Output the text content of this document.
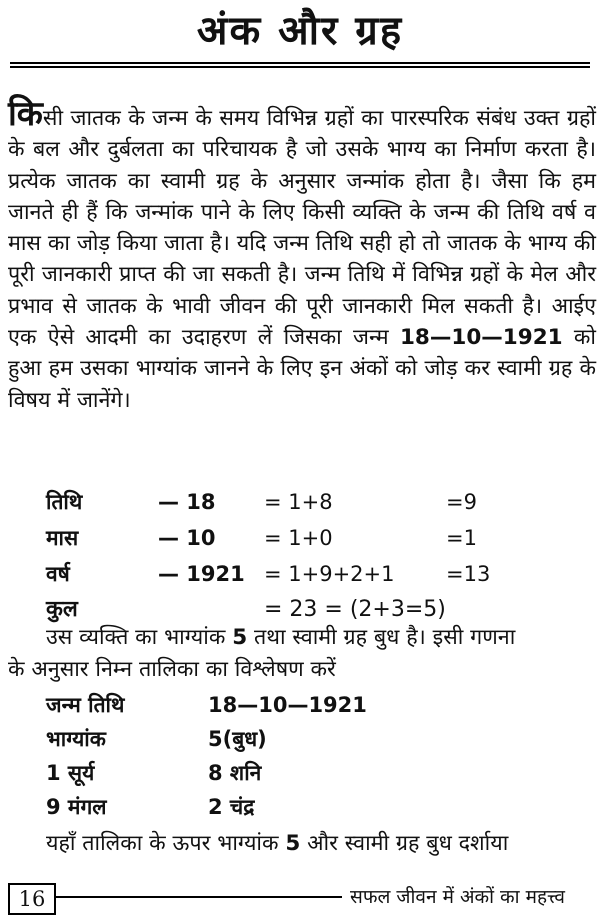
अंक और ग्रह
किसी जातक के जन्म के समय विभिन्न ग्रहों का पारस्परिक संबंध उक्त ग्रहों के बल और दुर्बलता का परिचायक है जो उसके भाग्य का निर्माण करता है। प्रत्येक जातक का स्वामी ग्रह के अनुसार जन्मांक होता है। जैसा कि हम जानते ही हैं कि जन्मांक पाने के लिए किसी व्यक्ति के जन्म की तिथि वर्ष व मास का जोड़ किया जाता है। यदि जन्म तिथि सही हो तो जातक के भाग्य की पूरी जानकारी प्राप्त की जा सकती है। जन्म तिथि में विभिन्न ग्रहों के मेल और प्रभाव से जातक के भावी जीवन की पूरी जानकारी मिल सकती है। आईए एक ऐसे आदमी का उदाहरण लें जिसका जन्म 18—10—1921 को हुआ हम उसका भाग्यांक जानने के लिए इन अंकों को जोड़ कर स्वामी ग्रह के विषय में जानेंगे।
तिथि	— 18 = 1+8	=9
मास	— 10 = 1+0	=1
वर्ष	— 1921 = 1+9+2+1 =13
कुल	= 23 = (2+3=5)
उस व्यक्ति का भाग्यांक 5 तथा स्वामी ग्रह बुध है। इसी गणना
के अनुसार निम्न तालिका का विश्लेषण करें
जन्म तिथि	18—10—1921
भाग्यांक	5(बुध)
1 सूर्य	8 शनि
9 मंगल	2 चंद्र
यहाँ तालिका के ऊपर भाग्यांक 5 और स्वामी ग्रह बुध दर्शाया
16	सफल जीवन में अंकों का महत्त्व
